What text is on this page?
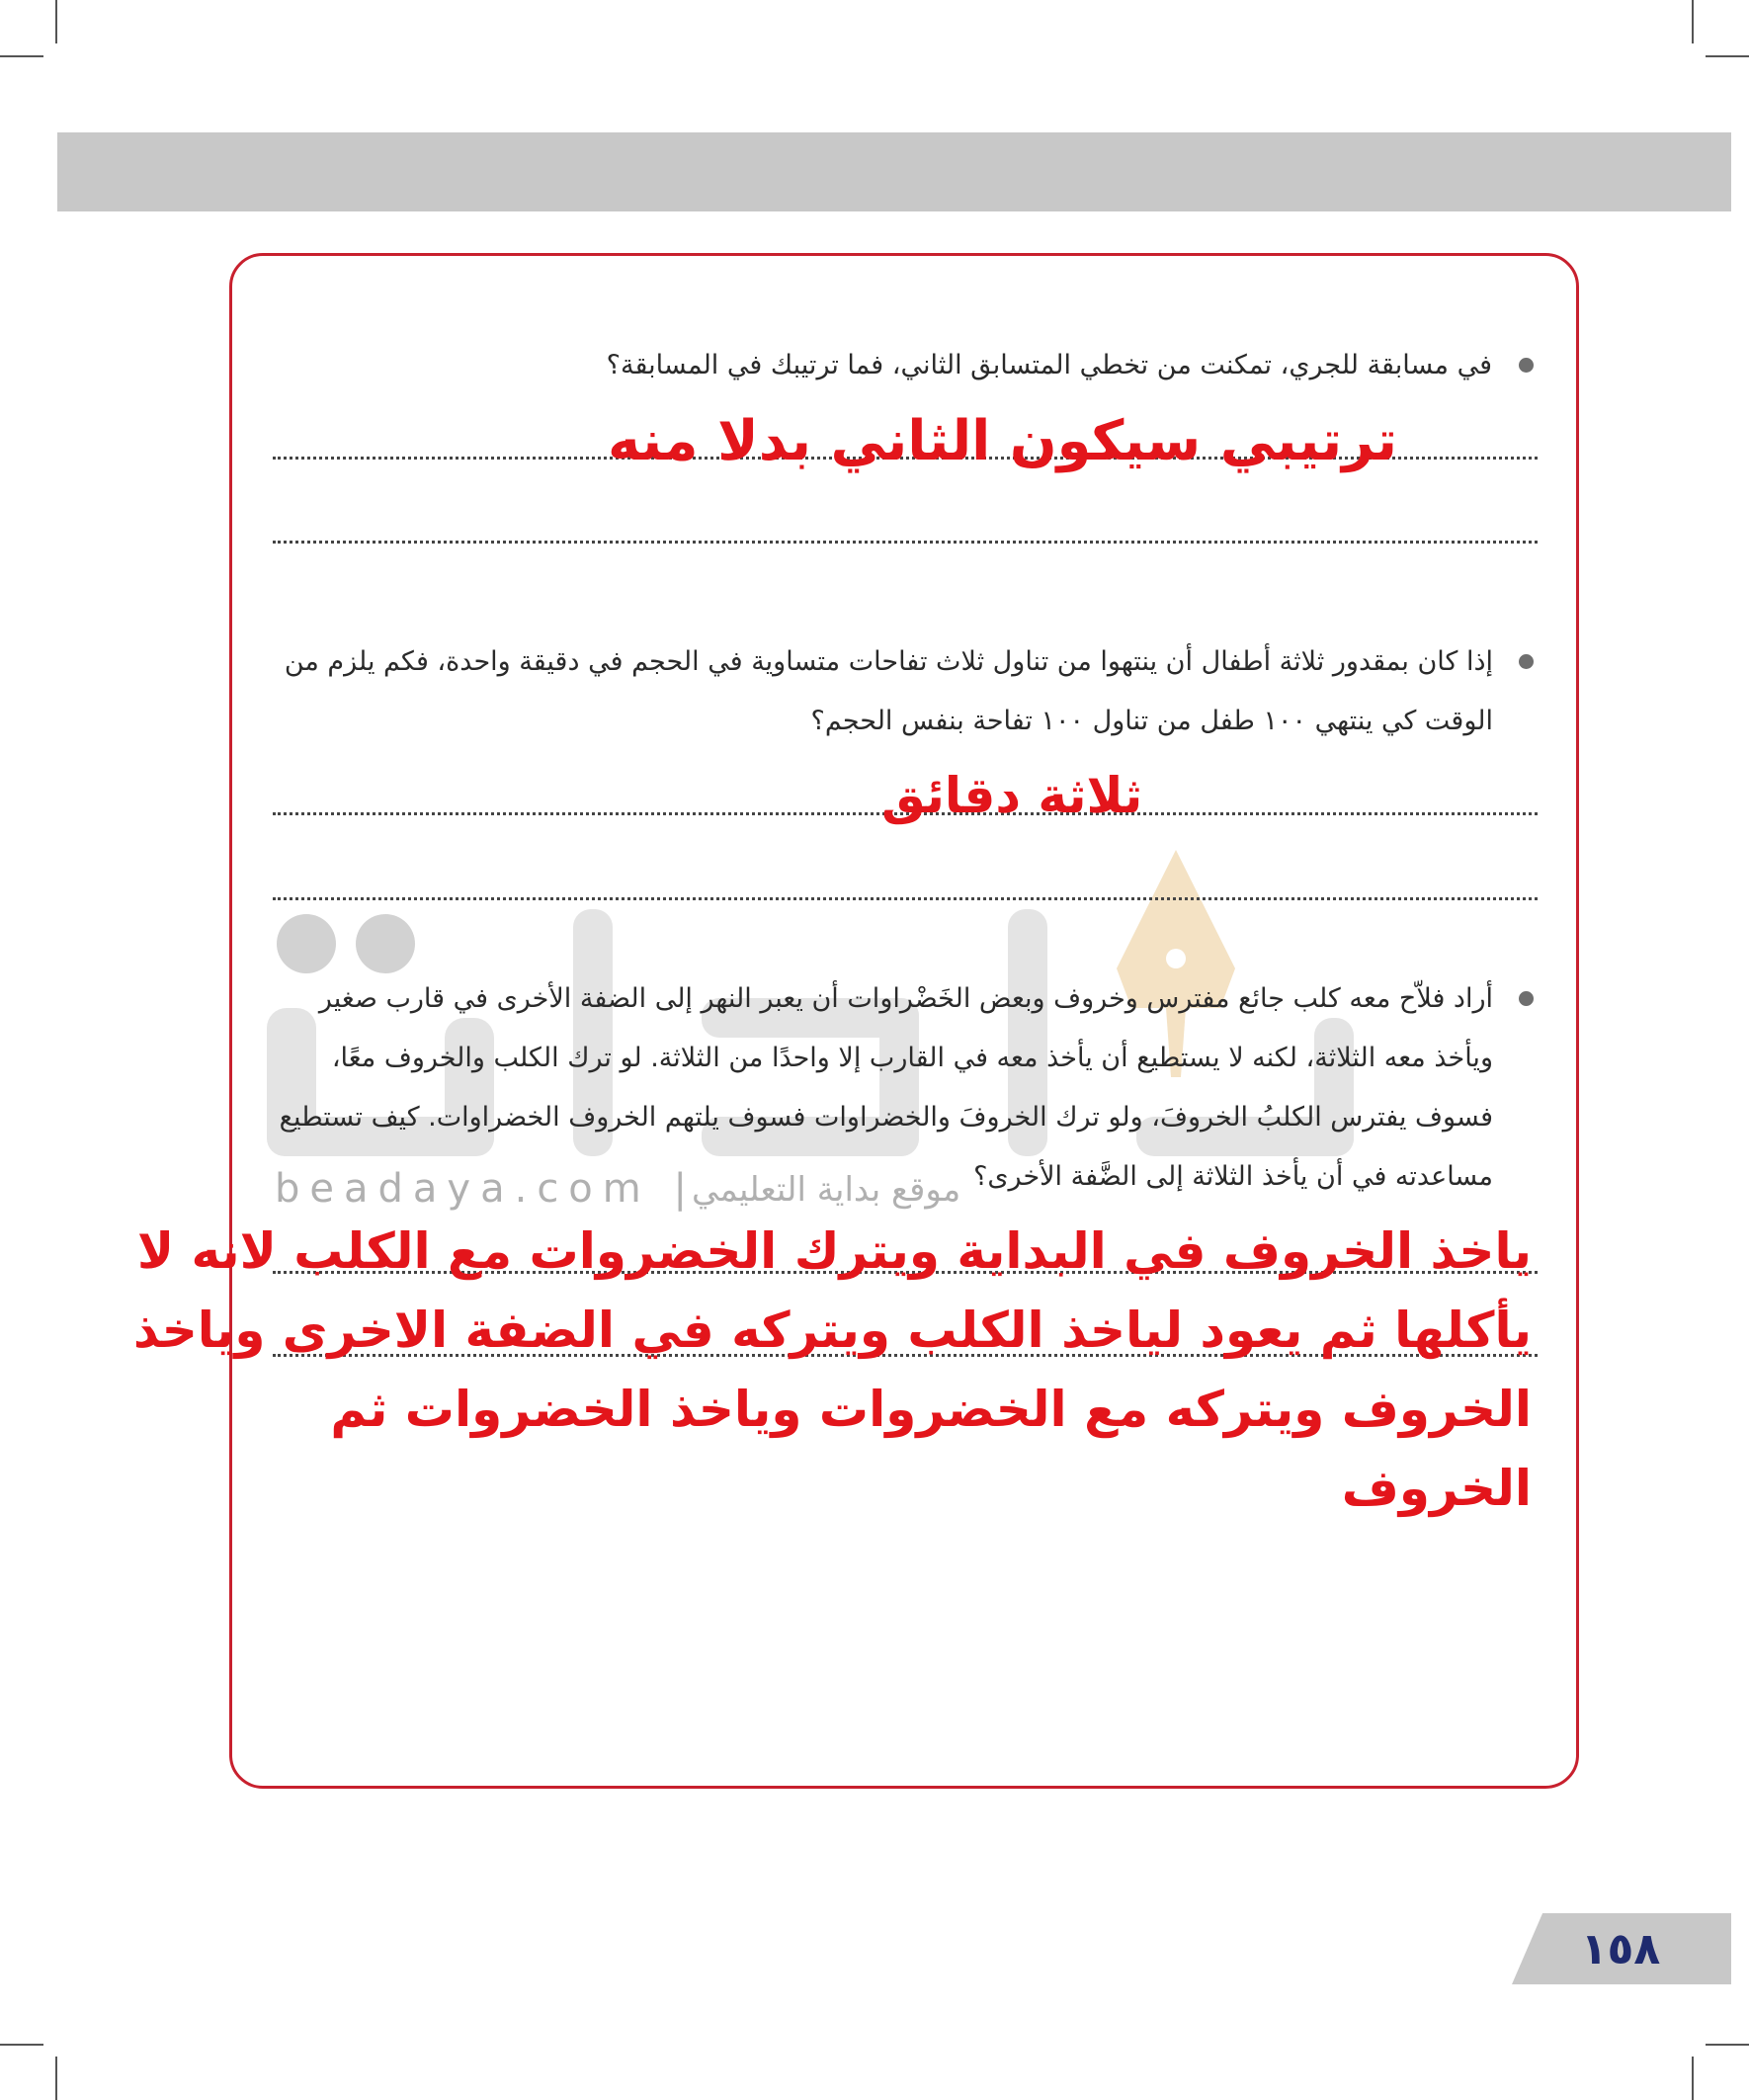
beadaya.com |
موقع بداية التعليمي
في مسابقة للجري، تمكنت من تخطي المتسابق الثاني، فما ترتيبك في المسابقة؟
ترتيبي سيكون الثاني بدلا منه
إذا كان بمقدور ثلاثة أطفال أن ينتهوا من تناول ثلاث تفاحات متساوية في الحجم في دقيقة واحدة، فكم يلزم من الوقت كي ينتهي ١٠٠ طفل من تناول ١٠٠ تفاحة بنفس الحجم؟
ثلاثة دقائق
أراد فلاّح معه كلب جائع مفترس وخروف وبعض الخَضْراوات أن يعبر النهر إلى الضفة الأخرى في قارب صغير ويأخذ معه الثلاثة، لكنه لا يستطيع أن يأخذ معه في القارب إلا واحدًا من الثلاثة. لو ترك الكلب والخروف معًا، فسوف يفترس الكلبُ الخروفَ، ولو ترك الخروفَ والخضراوات فسوف يلتهم الخروف الخضراوات. كيف تستطيع مساعدته في أن يأخذ الثلاثة إلى الضَّفة الأخرى؟
ياخذ الخروف في البداية ويترك الخضروات مع الكلب لانه لا يأكلها ثم يعود لياخذ الكلب ويتركه في الضفة الاخرى وياخذ الخروف ويتركه مع الخضروات وياخذ الخضروات ثم الخروف
١٥٨
